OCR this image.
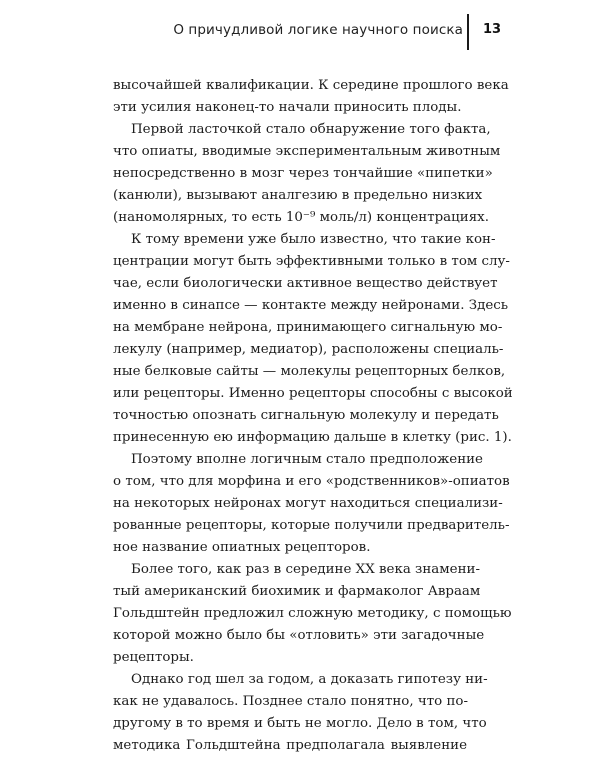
О причудливой логике научного поиска 13

высочайшей квалификации. К середине прошлого века
эти усилия наконец-то начали приносить плоды.

Первой ласточкой стало обнаружение того факта,
что опиаты, вводимые экспериментальным животным
непосредственно в мозг через тончайшие «пипетки»
(канюли), вызывают аналгезию в предельно низких
(наномолярных, то есть 10⁻⁹ моль/л) концентрациях.

К тому времени уже было известно, что такие кон-
центрации могут быть эффективными только в том слу-
чае, если биологически активное вещество действует
именно в синапсе — контакте между нейронами. Здесь
на мембране нейрона, принимающего сигнальную мо-
лекулу (например, медиатор), расположены специаль-
ные белковые сайты — молекулы рецепторных белков,
или рецепторы. Именно рецепторы способны с высокой
точностью опознать сигнальную молекулу и передать
принесенную ею информацию дальше в клетку (рис. 1).

Поэтому вполне логичным стало предположение
о том, что для морфина и его «родственников»-опиатов
на некоторых нейронах могут находиться специализи-
рованные рецепторы, которые получили предваритель-
ное название опиатных рецепторов.

Более того, как раз в середине XX века знамени-
тый американский биохимик и фармаколог Авраам
Гольдштейн предложил сложную методику, с помощью
которой можно было бы «отловить» эти загадочные
рецепторы.

Однако год шел за годом, а доказать гипотезу ни-
как не удавалось. Позднее стало понятно, что по-
другому в то время и быть не могло. Дело в том, что
методика Гольдштейна предполагала выявление
